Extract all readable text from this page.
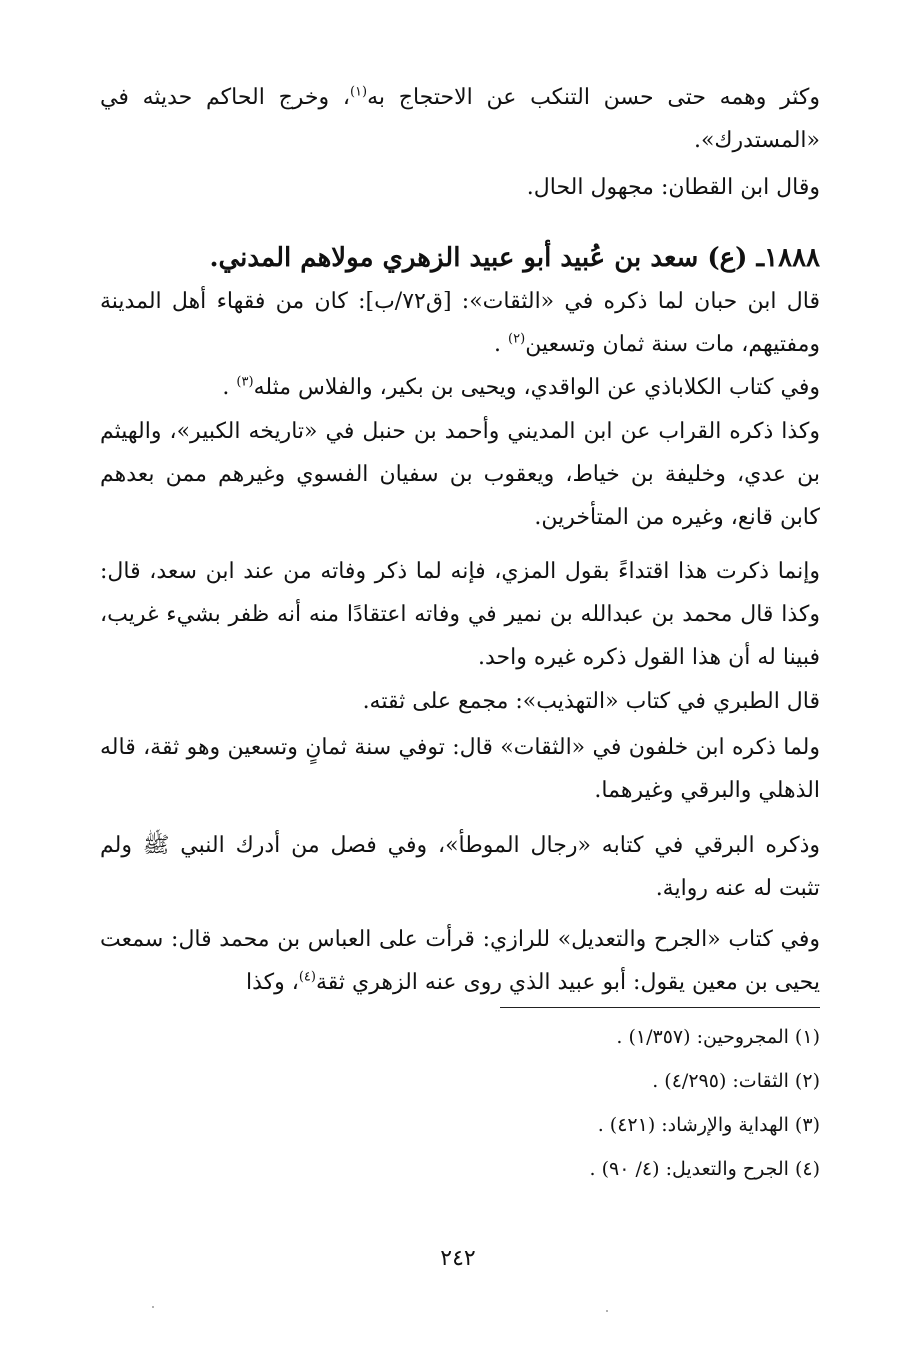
وكثر وهمه حتى حسن التنكب عن الاحتجاج به$^{(١)}$، وخرج الحاكم حديثه في «المستدرك».
وقال ابن القطان: مجهول الحال.
١٨٨٨ـ (ع) سعد بن عُبيد أبو عبيد الزهري مولاهم المدني.
قال ابن حبان لما ذكره في «الثقات»: [ق٧٢/ب]: كان من فقهاء أهل المدينة ومفتيهم، مات سنة ثمان وتسعين$^{(٢)}$ .
وفي كتاب الكلاباذي عن الواقدي، ويحيى بن بكير، والفلاس مثله$^{(٣)}$ .
وكذا ذكره القراب عن ابن المديني وأحمد بن حنبل في «تاريخه الكبير»، والهيثم بن عدي، وخليفة بن خياط، ويعقوب بن سفيان الفسوي وغيرهم ممن بعدهم كابن قانع، وغيره من المتأخرين.
وإنما ذكرت هذا اقتداءً بقول المزي، فإنه لما ذكر وفاته من عند ابن سعد، قال: وكذا قال محمد بن عبدالله بن نمير في وفاته اعتقادًا منه أنه ظفر بشيء غريب، فبينا له أن هذا القول ذكره غيره واحد.
قال الطبري في كتاب «التهذيب»: مجمع على ثقته.
ولما ذكره ابن خلفون في «الثقات» قال: توفي سنة ثمانٍ وتسعين وهو ثقة، قاله الذهلي والبرقي وغيرهما.
وذكره البرقي في كتابه «رجال الموطأ»، وفي فصل من أدرك النبي ﷺ ولم تثبت له عنه رواية.
وفي كتاب «الجرح والتعديل» للرازي: قرأت على العباس بن محمد قال: سمعت يحيى بن معين يقول: أبو عبيد الذي روى عنه الزهري ثقة$^{(٤)}$، وكذا
(١) المجروحين: (١/٣٥٧) .
(٢) الثقات: (٤/٢٩٥) .
(٣) الهداية والإرشاد: (٤٢١) .
(٤) الجرح والتعديل: (٤/ ٩٠) .
٢٤٢
